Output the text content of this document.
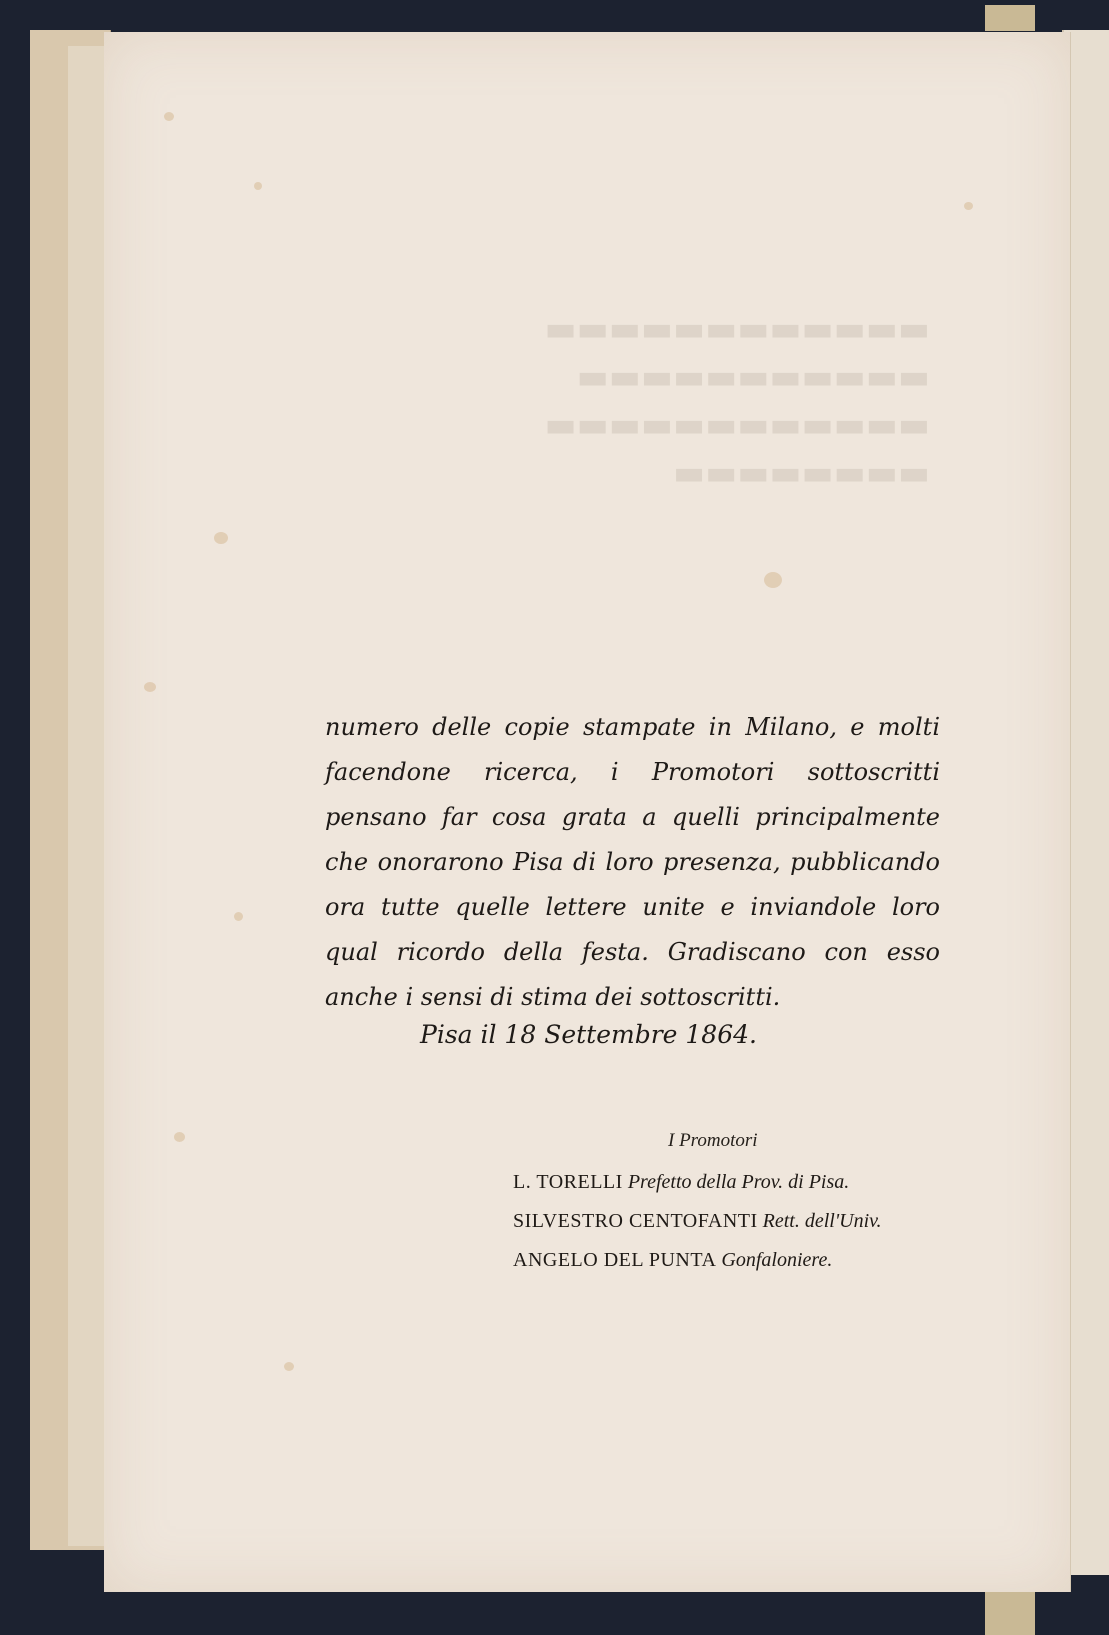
▬▬▬▬▬▬▬▬▬▬▬▬
▬▬▬▬▬▬▬▬▬▬▬
▬▬▬▬▬▬▬▬▬▬▬▬
▬▬▬▬▬▬▬▬
numero delle copie stampate in Milano, e molti facendone ricerca, i Promotori sottoscritti pensano far cosa grata a quelli principalmente che onorarono Pisa di loro presenza, pubblicando ora tutte quelle lettere unite e inviandole loro qual ricordo della festa. Gradiscano con esso anche i sensi di stima dei sottoscritti.
Pisa il 18 Settembre 1864.
I Promotori
L. TORELLI Prefetto della Prov. di Pisa.
SILVESTRO CENTOFANTI Rett. dell'Univ.
ANGELO DEL PUNTA Gonfaloniere.
